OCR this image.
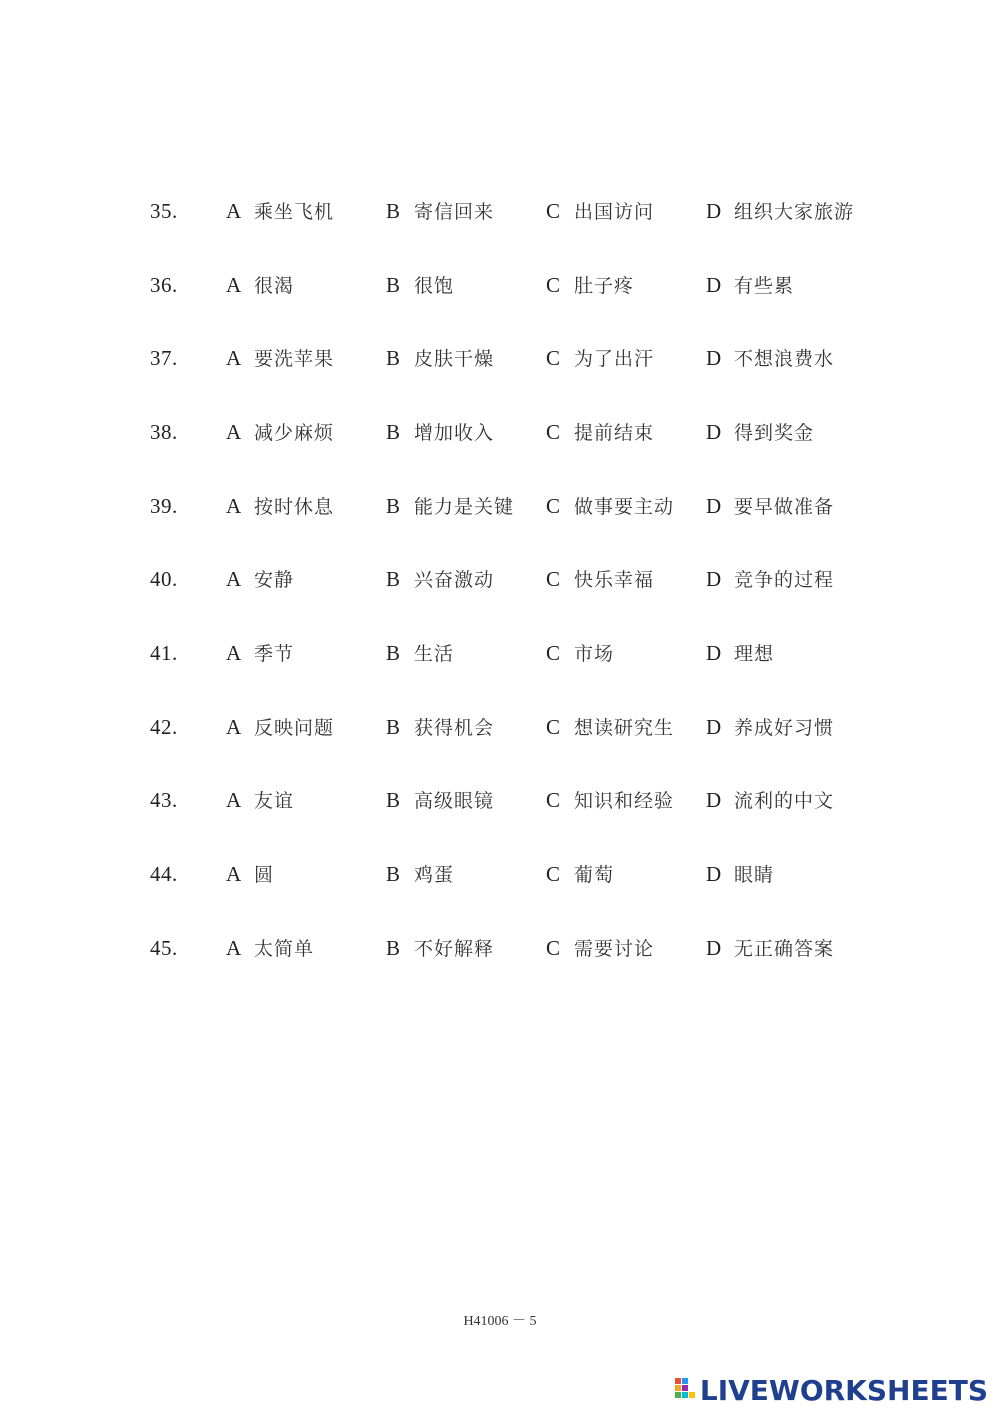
35. A 乘坐飞机 B 寄信回来 C 出国访问 D 组织大家旅游
36. A 很渴	B 很饱	C 肚子疼	D 有些累
37. A 要洗苹果 B 皮肤干燥 C 为了出汗 D 不想浪费水
38. A 减少麻烦 B 增加收入 C 提前结束 D 得到奖金
39. A 按时休息 B 能力是关键 C 做事要主动 D 要早做准备
40. A 安静	B 兴奋激动 C 快乐幸福 D 竞争的过程
41. A 季节	B 生活	C 市场	D 理想
42. A 反映问题 B 获得机会 C 想读研究生 D 养成好习惯
43. A 友谊	B 高级眼镜 C 知识和经验 D 流利的中文
44. A 圆	B 鸡蛋	C 葡萄	D 眼睛
45. A 太简单	B 不好解释 C 需要讨论 D 无正确答案
H41006 － 5
LIVEWORKSHEETS
